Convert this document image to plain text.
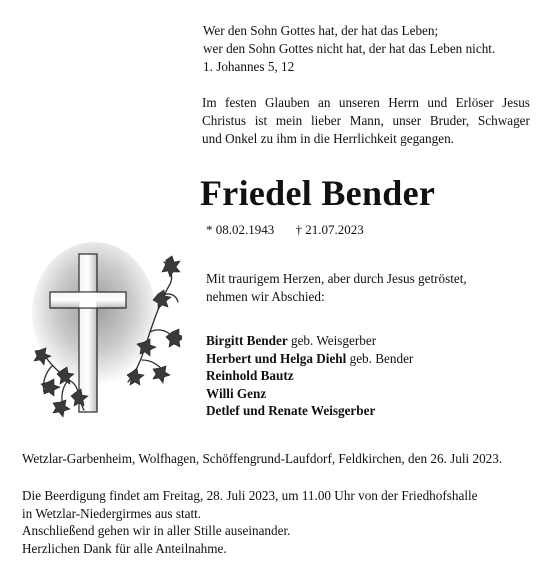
Wer den Sohn Gottes hat, der hat das Leben;
wer den Sohn Gottes nicht hat, der hat das Leben nicht.
1. Johannes 5, 12
Im festen Glauben an unseren Herrn und Erlöser Jesus
Christus ist mein lieber Mann, unser Bruder, Schwager
und Onkel zu ihm in die Herrlichkeit gegangen.
Friedel Bender
* 08.02.1943 † 21.07.2023
Mit traurigem Herzen, aber durch Jesus getröstet,
nehmen wir Abschied:
Birgitt Bender geb. Weisgerber
Herbert und Helga Diehl geb. Bender
Reinhold Bautz
Willi Genz
Detlef und Renate Weisgerber
Wetzlar-Garbenheim, Wolfhagen, Schöffengrund-Laufdorf, Feldkirchen, den 26. Juli 2023.
Die Beerdigung findet am Freitag, 28. Juli 2023, um 11.00 Uhr von der Friedhofshalle
in Wetzlar-Niedergirmes aus statt.
Anschließend gehen wir in aller Stille auseinander.
Herzlichen Dank für alle Anteilnahme.
